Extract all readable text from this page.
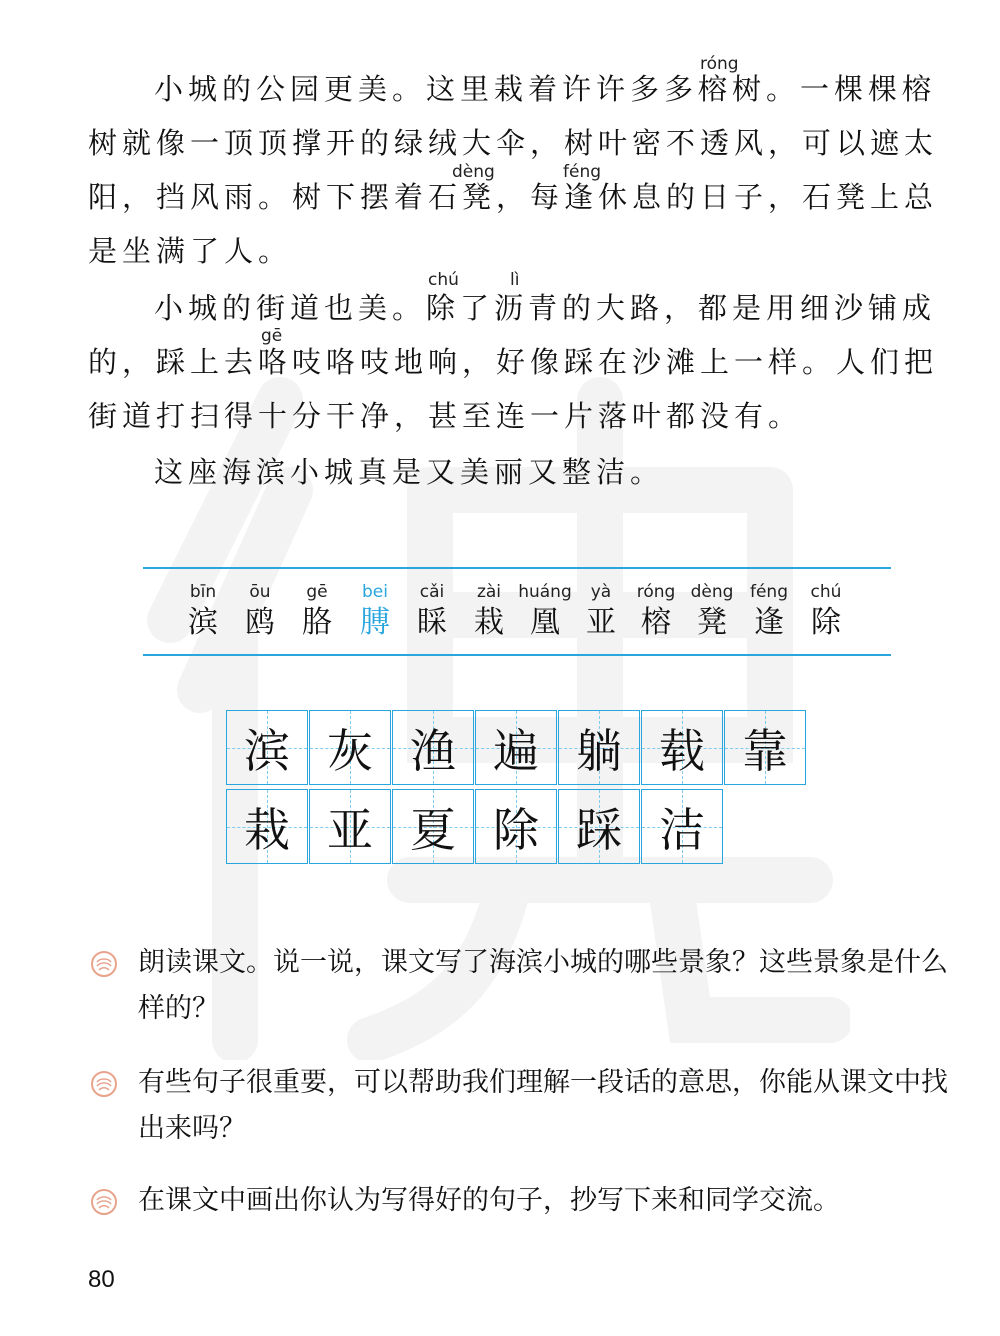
小城的公园更美。这里栽着许许多多榕树。一棵棵榕
树就像一顶顶撑开的绿绒大伞，树叶密不透风，可以遮太
阳，挡风雨。树下摆着石凳，每逢休息的日子，石凳上总
是坐满了人。
róng
dèng	féng
小城的街道也美。除了沥青的大路，都是用细沙铺成
的，踩上去咯吱咯吱地响，好像踩在沙滩上一样。人们把
街道打扫得十分干净，甚至连一片落叶都没有。
chú	lì
gē
这座海滨小城真是又美丽又整洁。
bīn
滨
ōu
鸥
gē
胳
bei
膊
cǎi
睬
zài
栽
huáng
凰
yà
亚
róng
榕
dèng
凳
féng
逢
chú
除
滨 灰 渔 遍 躺 载 靠
栽 亚 夏 除 踩 洁
朗读课文。说一说，课文写了海滨小城的哪些景象？这些景象是什么样的？
有些句子很重要，可以帮助我们理解一段话的意思，你能从课文中找出来吗？
在课文中画出你认为写得好的句子，抄写下来和同学交流。
80
